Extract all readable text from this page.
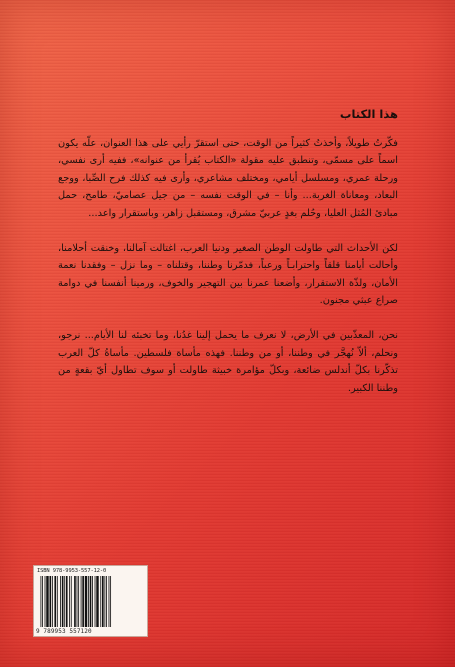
هذا الكتاب

فكّرتُ طويلاً، وأخذتُ كثيراً من الوقت، حتى استقرّ رأيي على هذا العنوان، علّه يكون اسماً على مسمّى، وتنطبق عليه مقولة «الكتاب يُقرأ من عنوانه»، ففيه أرى نفسي، ورحلة عمري، ومسلسل أيامي، ومختلف مشاعري، وأرى فيه كذلك فرح الصِّبا، ووجع البعاد، ومعاناة الغربة... وأنا – في الوقت نفسه – من جيل عصاميّ، طامح، حمل مبادئ المُثل العليا، وحُلم بغدٍ عربيّ مشرق، ومستقبل زاهر، وباستقرار واعد...

لكن الأحداث التي طاولت الوطن الصغير ودنيا العرب، اغتالت آمالنا، وخنقت أحلامنا، وأحالت أيامنا قلقاً واحترابـاً ورعباً، فدمّرنا وطننا، وقتلناه – وما نزل – وفقدنا نعمة الأمان، ولذّة الاستقرار، وأضعنا عمرنا بين التهجير والخوف، ورمينا أنفسنا في دوامة صراع عبثي مجنون.

نحن، المعذّبين في الأرض، لا نعرف ما يحمل إلينا غدُنا، وما تخبئه لنا الأيام... نرجو، ونحلم، ألاّ نُهجَّر في وطننا، أو من وطننا. فهذه مأساة فلسطين. مأساةُ كلّ العرب تذكّرنا بكلّ أندلس ضائعة، وبكلّ مؤامرة خبيثة طاولت أو سوف تطاول أيّ بقعةٍ من وطننا الكبير.

ISBN 978-9953-557-12-0
9 789953 557120
